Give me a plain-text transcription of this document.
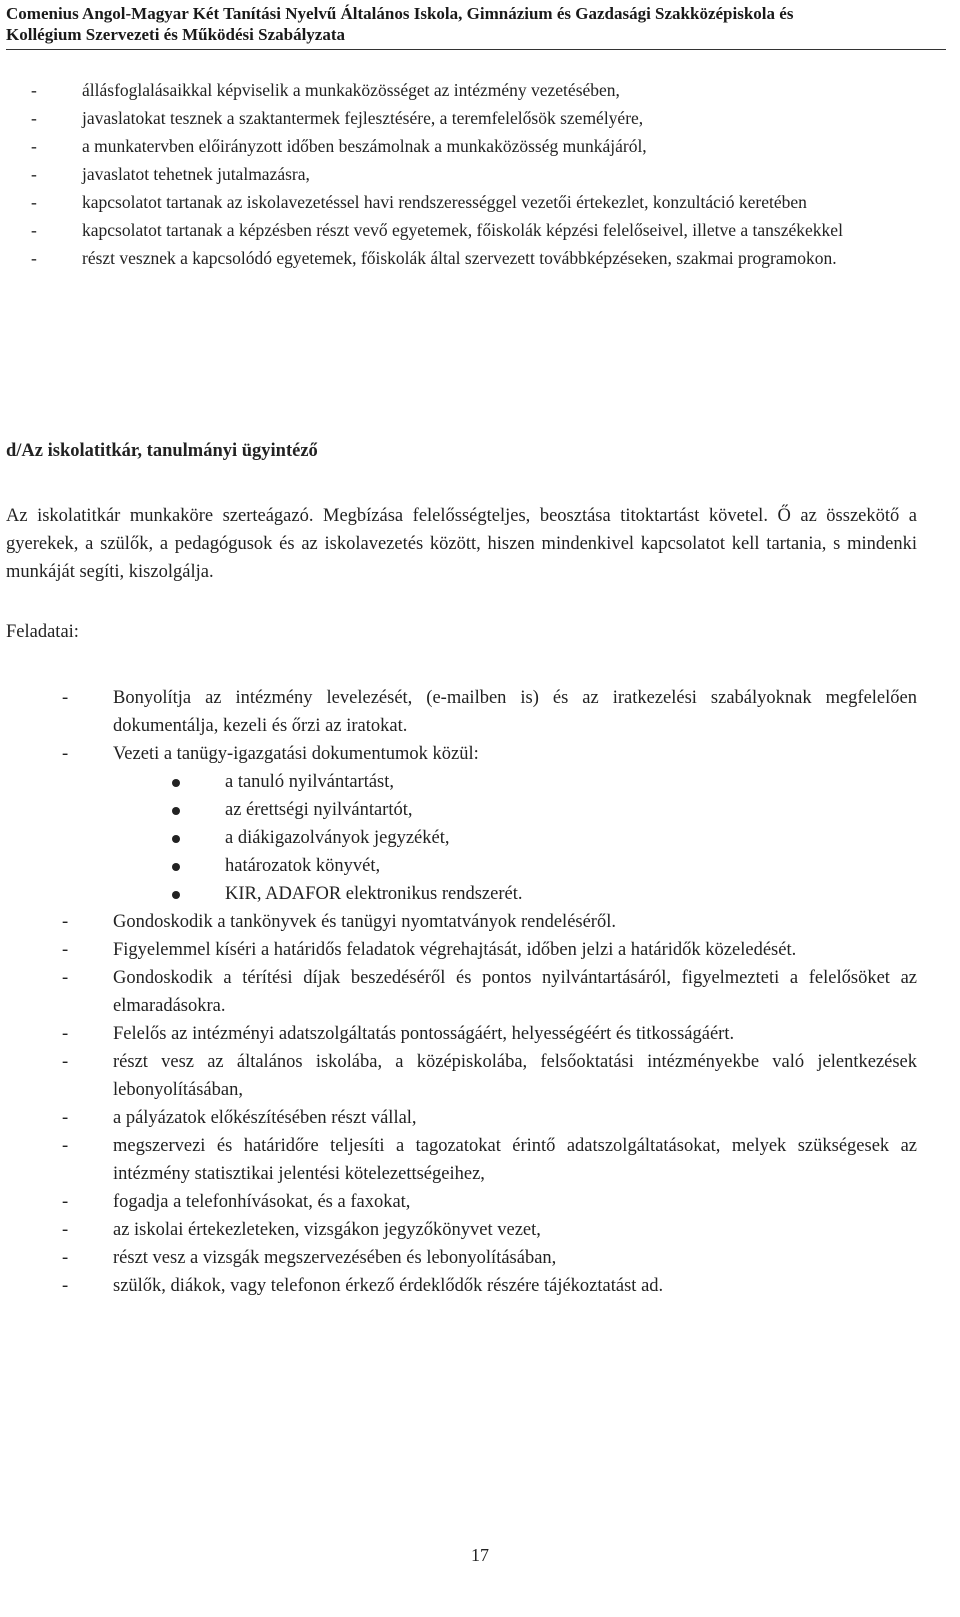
Comenius Angol-Magyar Két Tanítási Nyelvű Általános Iskola, Gimnázium és Gazdasági Szakközépiskola és
Kollégium Szervezeti és Működési Szabályzata
-	állásfoglalásaikkal képviselik a munkaközösséget az intézmény vezetésében,
-	javaslatokat tesznek a szaktantermek fejlesztésére, a teremfelelősök személyére,
-	a munkatervben előirányzott időben beszámolnak a munkaközösség munkájáról,
-	javaslatot tehetnek jutalmazásra,
-	kapcsolatot tartanak az iskolavezetéssel havi rendszerességgel vezetői értekezlet, konzultáció keretében
-	kapcsolatot tartanak a képzésben részt vevő egyetemek, főiskolák képzési felelőseivel, illetve a tanszékekkel
-	részt vesznek a kapcsolódó egyetemek, főiskolák által szervezett továbbképzéseken, szakmai programokon.
d/Az iskolatitkár, tanulmányi ügyintéző
Az iskolatitkár munkaköre szerteágazó. Megbízása felelősségteljes, beosztása titoktartást követel. Ő az összekötő a gyerekek, a szülők, a pedagógusok és az iskolavezetés között, hiszen mindenkivel kapcsolatot kell tartania, s mindenki munkáját segíti, kiszolgálja.
Feladatai:
- Bonyolítja az intézmény levelezését, (e-mailben is) és az iratkezelési szabályoknak megfelelően dokumentálja, kezeli és őrzi az iratokat.
- Vezeti a tanügy-igazgatási dokumentumok közül:
a tanuló nyilvántartást,
az érettségi nyilvántartót,
a diákigazolványok jegyzékét,
határozatok könyvét,
KIR, ADAFOR elektronikus rendszerét.
- Gondoskodik a tankönyvek és tanügyi nyomtatványok rendeléséről.
- Figyelemmel kíséri a határidős feladatok végrehajtását, időben jelzi a határidők közeledését.
- Gondoskodik a térítési díjak beszedéséről és pontos nyilvántartásáról, figyelmezteti a felelősöket az elmaradásokra.
- Felelős az intézményi adatszolgáltatás pontosságáért, helyességéért és titkosságáért.
- részt vesz az általános iskolába, a középiskolába, felsőoktatási intézményekbe való jelentkezések lebonyolításában,
- a pályázatok előkészítésében részt vállal,
- megszervezi és határidőre teljesíti a tagozatokat érintő adatszolgáltatásokat, melyek szükségesek az intézmény statisztikai jelentési kötelezettségeihez,
- fogadja a telefonhívásokat, és a faxokat,
- az iskolai értekezleteken, vizsgákon jegyzőkönyvet vezet,
- részt vesz a vizsgák megszervezésében és lebonyolításában,
- szülők, diákok, vagy telefonon érkező érdeklődők részére tájékoztatást ad.
17
